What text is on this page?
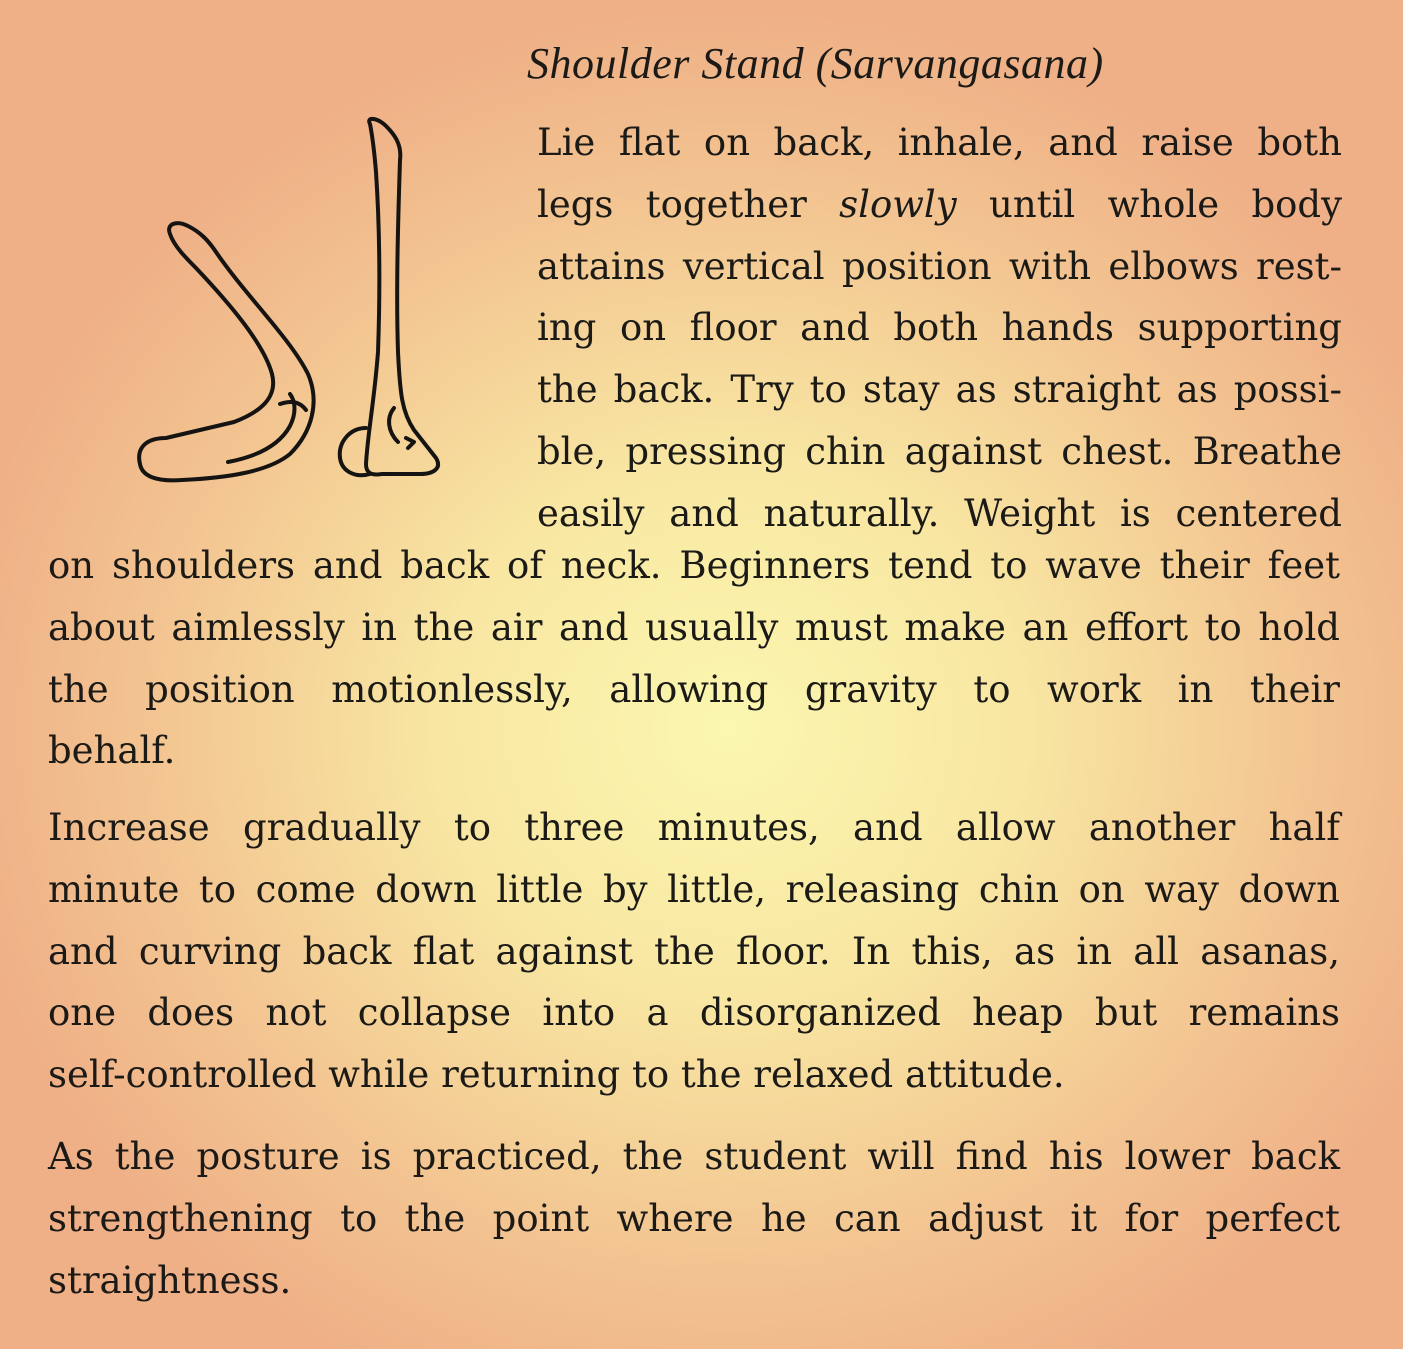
Shoulder Stand (Sarvangasana)
Lie flat on back, inhale, and raise both
legs together slowly until whole body
attains vertical position with elbows rest-
ing on floor and both hands supporting
the back. Try to stay as straight as possi-
ble, pressing chin against chest. Breathe
easily and naturally. Weight is centered
on shoulders and back of neck. Beginners tend to wave their feet
about aimlessly in the air and usually must make an effort to hold
the position motionlessly, allowing gravity to work in their
behalf.
Increase gradually to three minutes, and allow another half
minute to come down little by little, releasing chin on way down
and curving back flat against the floor. In this, as in all asanas,
one does not collapse into a disorganized heap but remains
self-controlled while returning to the relaxed attitude.
As the posture is practiced, the student will find his lower back
strengthening to the point where he can adjust it for perfect
straightness.
